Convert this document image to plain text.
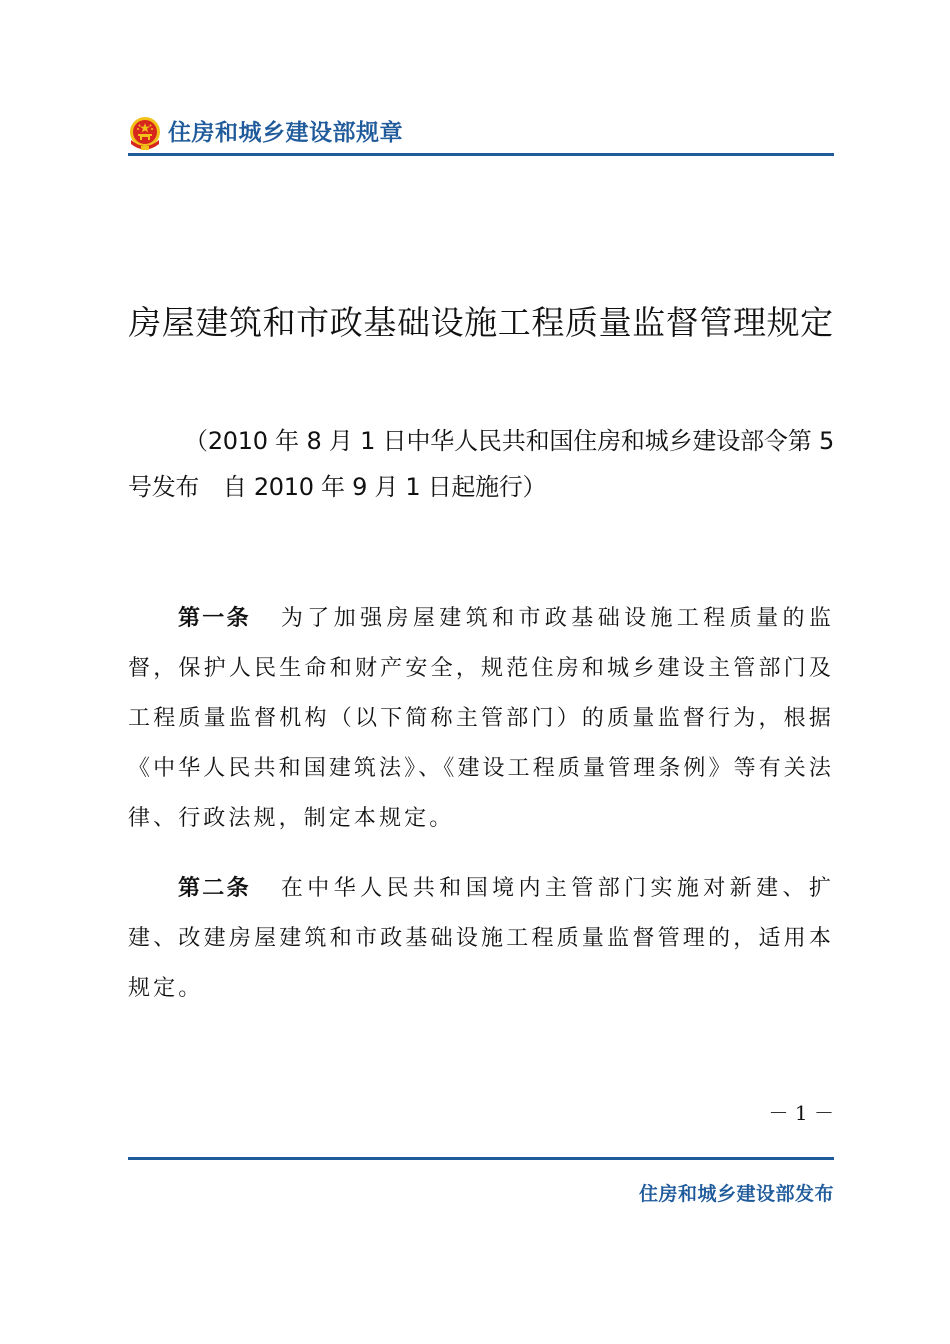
住房和城乡建设部规章
房屋建筑和市政基础设施工程质量监督管理规定
（2010 年 8 月 1 日中华人民共和国住房和城乡建设部令第 5 号发布　自 2010 年 9 月 1 日起施行）
第一条 为了加强房屋建筑和市政基础设施工程质量的监督，保护人民生命和财产安全，规范住房和城乡建设主管部门及工程质量监督机构（以下简称主管部门）的质量监督行为，根据《中华人民共和国建筑法》、《建设工程质量管理条例》等有关法律、行政法规，制定本规定。
第二条 在中华人民共和国境内主管部门实施对新建、扩建、改建房屋建筑和市政基础设施工程质量监督管理的，适用本规定。
－ 1 －
住房和城乡建设部发布
